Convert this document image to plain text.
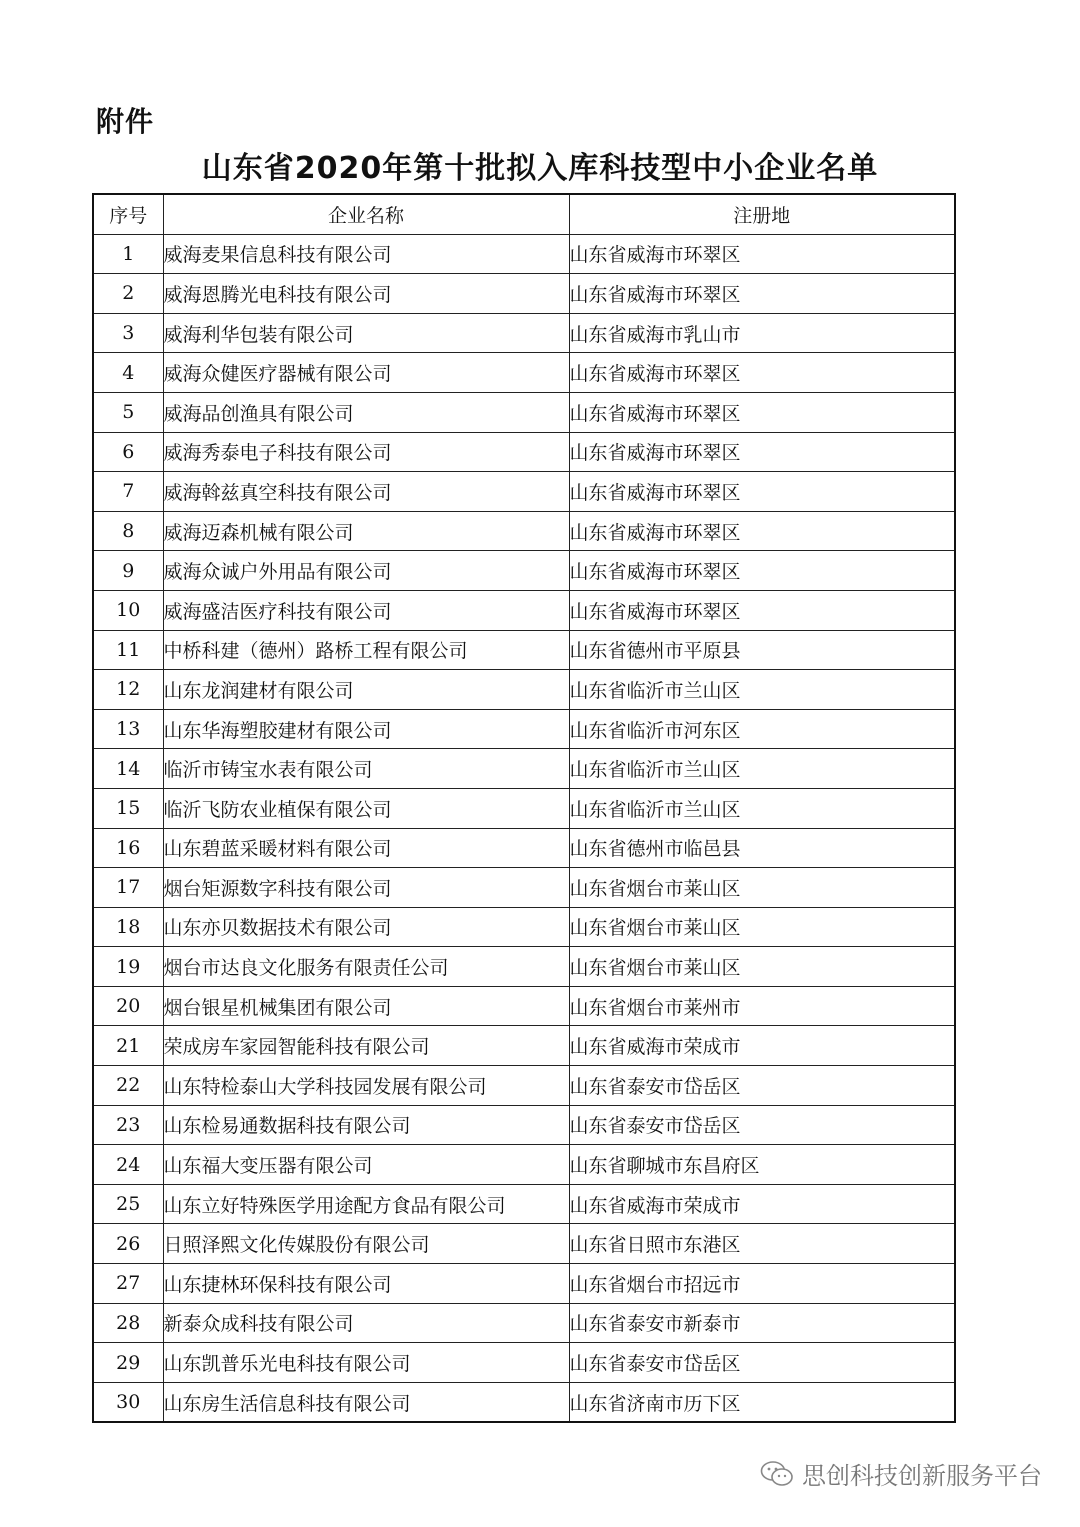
附件
山东省2020年第十批拟入库科技型中小企业名单
序号	企业名称	注册地
1	威海麦果信息科技有限公司	山东省威海市环翠区
2	威海恩腾光电科技有限公司	山东省威海市环翠区
3	威海利华包装有限公司	山东省威海市乳山市
4	威海众健医疗器械有限公司	山东省威海市环翠区
5	威海品创渔具有限公司	山东省威海市环翠区
6	威海秀泰电子科技有限公司	山东省威海市环翠区
7	威海斡兹真空科技有限公司	山东省威海市环翠区
8	威海迈森机械有限公司	山东省威海市环翠区
9	威海众诚户外用品有限公司	山东省威海市环翠区
10	威海盛洁医疗科技有限公司	山东省威海市环翠区
11	中桥科建（德州）路桥工程有限公司	山东省德州市平原县
12	山东龙润建材有限公司	山东省临沂市兰山区
13	山东华海塑胶建材有限公司	山东省临沂市河东区
14	临沂市铸宝水表有限公司	山东省临沂市兰山区
15	临沂飞防农业植保有限公司	山东省临沂市兰山区
16	山东碧蓝采暖材料有限公司	山东省德州市临邑县
17	烟台矩源数字科技有限公司	山东省烟台市莱山区
18	山东亦贝数据技术有限公司	山东省烟台市莱山区
19	烟台市达良文化服务有限责任公司	山东省烟台市莱山区
20	烟台银星机械集团有限公司	山东省烟台市莱州市
21	荣成房车家园智能科技有限公司	山东省威海市荣成市
22	山东特检泰山大学科技园发展有限公司	山东省泰安市岱岳区
23	山东检易通数据科技有限公司	山东省泰安市岱岳区
24	山东福大变压器有限公司	山东省聊城市东昌府区
25	山东立好特殊医学用途配方食品有限公司	山东省威海市荣成市
26	日照泽熙文化传媒股份有限公司	山东省日照市东港区
27	山东捷林环保科技有限公司	山东省烟台市招远市
28	新泰众成科技有限公司	山东省泰安市新泰市
29	山东凯普乐光电科技有限公司	山东省泰安市岱岳区
30	山东房生活信息科技有限公司	山东省济南市历下区
思创科技创新服务平台
